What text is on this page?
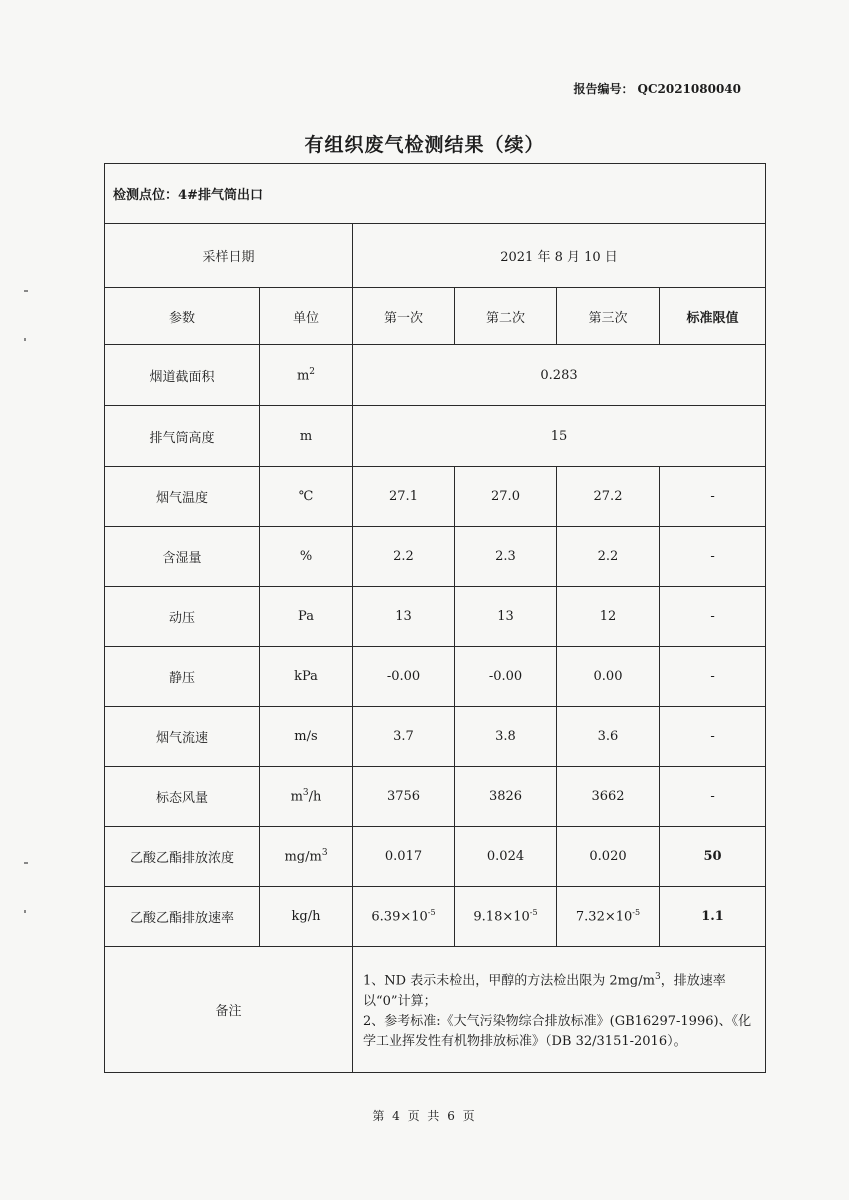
报告编号： QC2021080040
有组织废气检测结果（续）
检测点位：4#排气筒出口					
采样日期		2021 年 8 月 10 日			
参数	单位	第一次	第二次	第三次	标准限值
烟道截面积	$m^2$	0.283			
排气筒高度	m	15			
烟气温度	℃	27.1	27.0	27.2	-
含湿量	%	2.2	2.3	2.2	-
动压	Pa	13	13	12	-
静压	kPa	-0.00	-0.00	0.00	-
烟气流速	m/s	3.7	3.8	3.6	-
标态风量	$m^3/h$	3756	3826	3662	-
乙酸乙酯排放浓度	$mg/m^3$	0.017	0.024	0.020	50
乙酸乙酯排放速率	kg/h	$6.39\times 10^{-5}$	$9.18\times 10^{-5}$	$7.32\times 10^{-5}$	1.1
备注		1、ND 表示未检出，甲醇的方法检出限为 $2mg/m^3$，排放速率以“0”计算；

2、参考标准:《大气污染物综合排放标准》(GB16297-1996)、《化学工业挥发性有机物排放标准》（DB 32/3151-2016）。			

第 4 页 共 6 页
